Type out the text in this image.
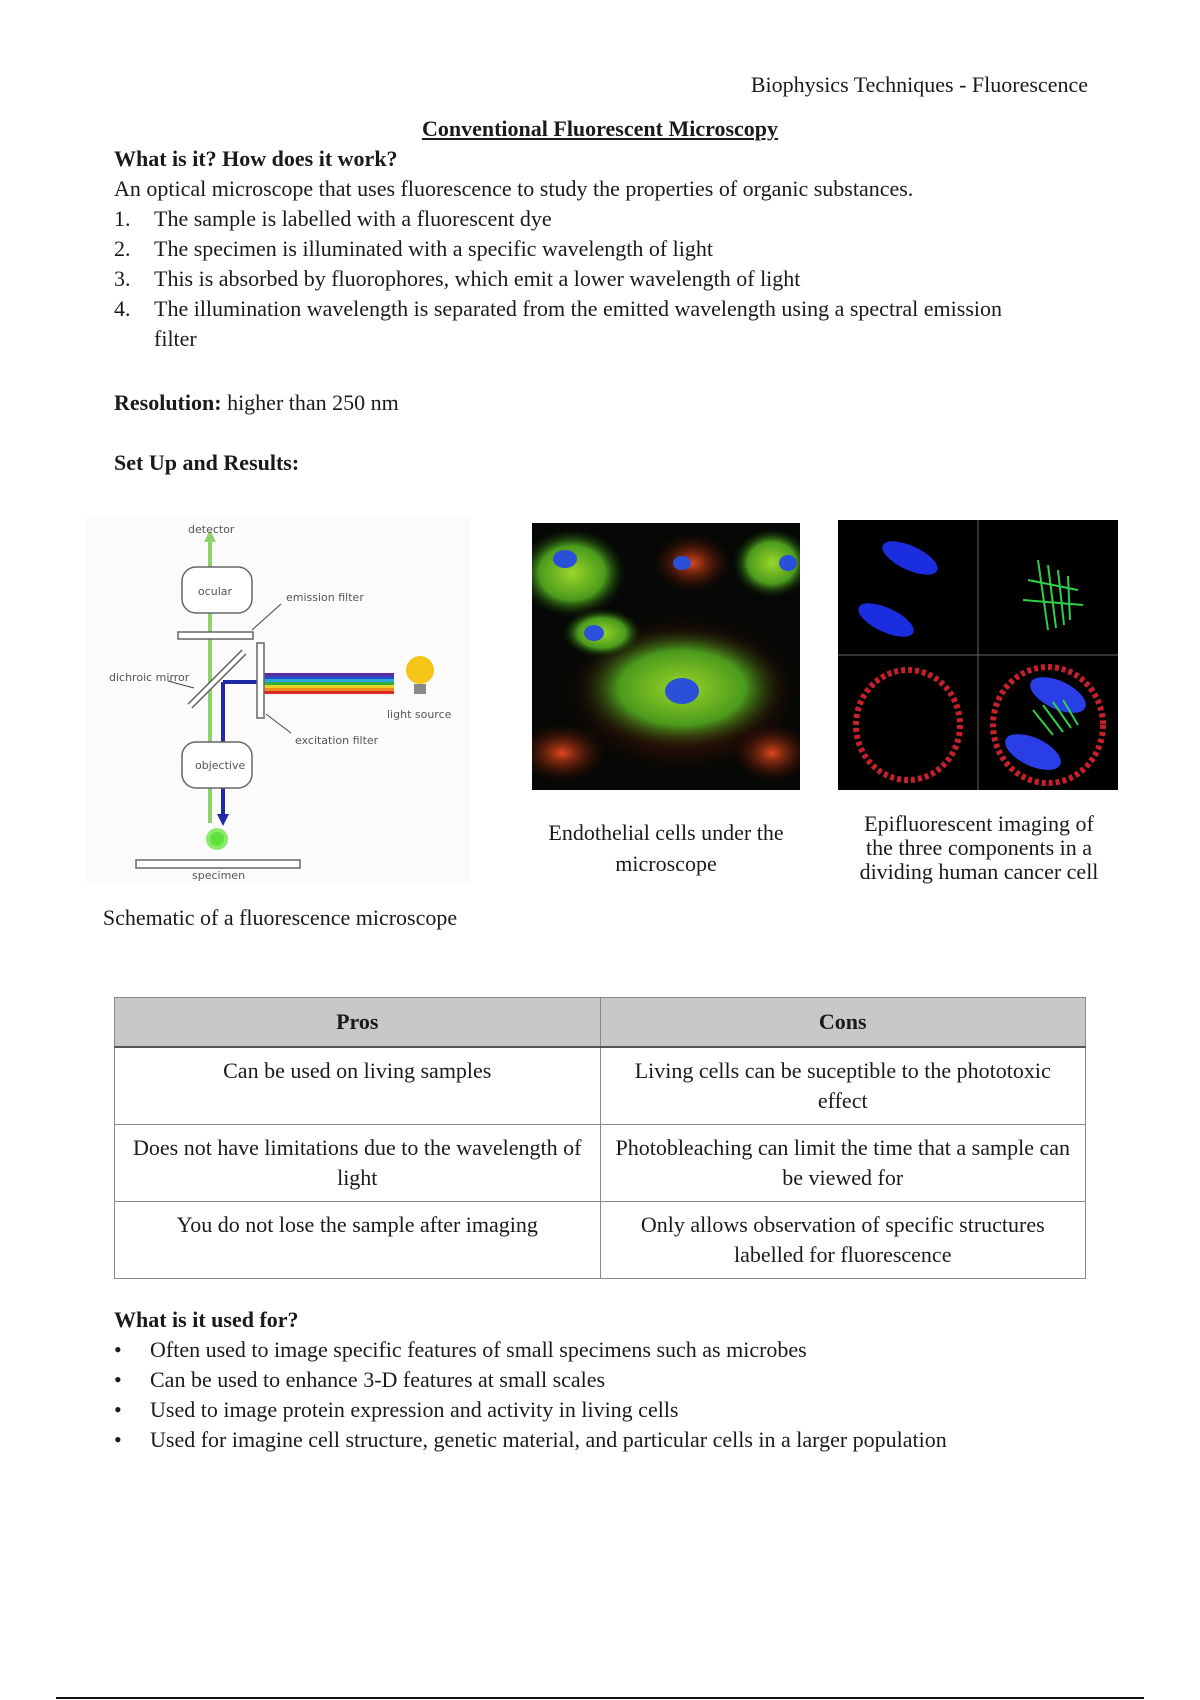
Biophysics Techniques - Fluorescence
Conventional Fluorescent Microscopy
What is it? How does it work?
An optical microscope that uses fluorescence to study the properties of organic substances.
1. The sample is labelled with a fluorescent dye
2. The specimen is illuminated with a specific wavelength of light
3. This is absorbed by fluorophores, which emit a lower wavelength of light
4. The illumination wavelength is separated from the emitted wavelength using a spectral emission filter
Resolution: higher than 250 nm
Set Up and Results:
detector
ocular	emission filter
dichroic mirror
light source
excitation filter
objective
specimen
Schematic of a fluorescence microscope
Endothelial cells under the microscope
Epifluorescent imaging of the three components in a dividing human cancer cell
Pros	Cons
Can be used on living samples	Living cells can be suceptible to the phototoxic effect
Does not have limitations due to the wavelength of light	Photobleaching can limit the time that a sample can be viewed for
You do not lose the sample after imaging	Only allows observation of specific structures labelled for fluorescence
What is it used for?
• Often used to image specific features of small specimens such as microbes
• Can be used to enhance 3-D features at small scales
• Used to image protein expression and activity in living cells
• Used for imagine cell structure, genetic material, and particular cells in a larger population
